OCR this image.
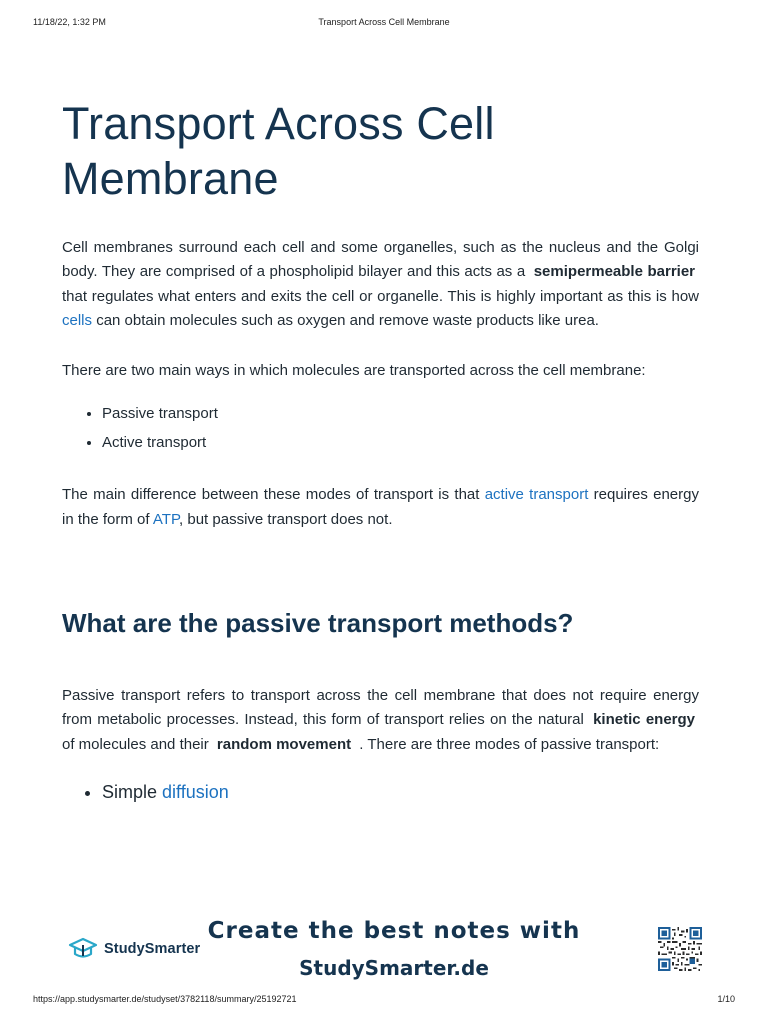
11/18/22, 1:32 PM	Transport Across Cell Membrane
Transport Across Cell Membrane

Cell membranes surround each cell and some organelles, such as the nucleus and the Golgi body. They are comprised of a phospholipid bilayer and this acts as a semipermeable barrier that regulates what enters and exits the cell or organelle. This is highly important as this is how cells can obtain molecules such as oxygen and remove waste products like urea.

There are two main ways in which molecules are transported across the cell membrane:

• Passive transport
• Active transport

The main difference between these modes of transport is that active transport requires energy in the form of ATP, but passive transport does not.

What are the passive transport methods?

Passive transport refers to transport across the cell membrane that does not require energy from metabolic processes. Instead, this form of transport relies on the natural kinetic energy of molecules and their random movement . There are three modes of passive transport:

• Simple diffusion
StudySmarter
Create the best notes with
StudySmarter.de
https://app.studysmarter.de/studyset/3782118/summary/25192721	1/10
